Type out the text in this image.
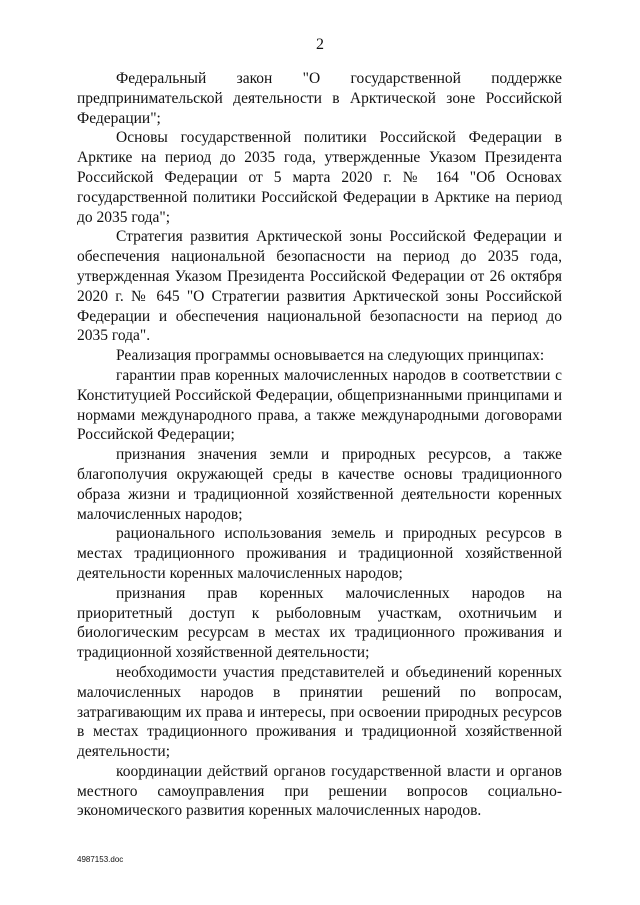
2

Федеральный закон "О государственной поддержке предпринимательской деятельности в Арктической зоне Российской Федерации";

Основы государственной политики Российской Федерации в Арктике на период до 2035 года, утвержденные Указом Президента Российской Федерации от 5 марта 2020 г. № 164 "Об Основах государственной политики Российской Федерации в Арктике на период до 2035 года";

Стратегия развития Арктической зоны Российской Федерации и обеспечения национальной безопасности на период до 2035 года, утвержденная Указом Президента Российской Федерации от 26 октября 2020 г. № 645 "О Стратегии развития Арктической зоны Российской Федерации и обеспечения национальной безопасности на период до 2035 года".

Реализация программы основывается на следующих принципах:

гарантии прав коренных малочисленных народов в соответствии с Конституцией Российской Федерации, общепризнанными принципами и нормами международного права, а также международными договорами Российской Федерации;

признания значения земли и природных ресурсов, а также благополучия окружающей среды в качестве основы традиционного образа жизни и традиционной хозяйственной деятельности коренных малочисленных народов;

рационального использования земель и природных ресурсов в местах традиционного проживания и традиционной хозяйственной деятельности коренных малочисленных народов;

признания прав коренных малочисленных народов на приоритетный доступ к рыболовным участкам, охотничьим и биологическим ресурсам в местах их традиционного проживания и традиционной хозяйственной деятельности;

необходимости участия представителей и объединений коренных малочисленных народов в принятии решений по вопросам, затрагивающим их права и интересы, при освоении природных ресурсов в местах традиционного проживания и традиционной хозяйственной деятельности;

координации действий органов государственной власти и органов местного самоуправления при решении вопросов социально-экономического развития коренных малочисленных народов.

4987153.doc
